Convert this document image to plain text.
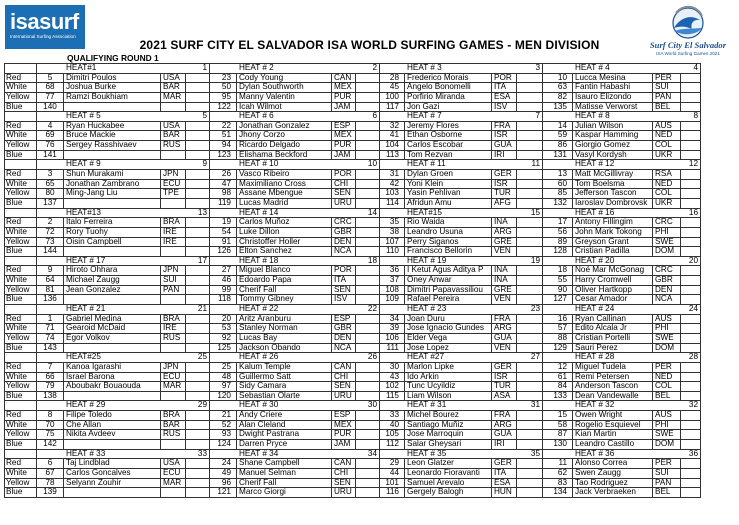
isasurf
International Surfing Association
Surf City El Salvador
ISA World Surfing Games 2021
2021 SURF CITY EL SALVADOR ISA WORLD SURFING GAMES - MEN DIVISION
QUALIFYING ROUND 1
HEAT#1	1
Red	5	Dimitri Poulos	USA
White	68	Joshua Burke	BAR
Yellow	77	Ramzi Boukhiam	MAR
Blue	140
HEAT # 2	2
23 Cody Young	CAN
50 Dylan Southworth	MEX
95 Manny Valentin	PUR
122 Icah Wilmot	JAM
HEAT # 3	3
28 Frederico Morais	POR
45 Angelo Bonomelli	ITA
100 Porfirio Miranda	ESA
117 Jon Gazi	ISV
HEAT # 4	4
10 Lucca Mesina	PER
63 Fantin Habashi	SUI
82 Isauro Elizondo	PAN
135 Matisse Verworst	BEL
HEAT # 5	5
Red	4	Ryan Huckabee	USA
White	69	Bruce Mackie	BAR
Yellow	76	Sergey Rasshivaev	RUS
Blue	141
HEAT # 6	6
22 Jonathan Gonzalez	ESP
51 Jhony Corzo	MEX
94 Ricardo Delgado	PUR
123 Elishama Beckford	JAM
HEAT # 7	7
32 Jeremy Flores	FRA
41 Ethan Osborne	ISR
104 Carlos Escobar	GUA
113 Tom Rezvan	IRI
HEAT # 8	8
14 Julian Wilson	AUS
59 Kaspar Hamming	NED
86 Giorgio Gomez	COL
131 Vasyl Kordysh	UKR
HEAT # 9	9
Red	3	Shun Murakami	JPN
White	65	Jonathan Zambrano	ECU
Yellow	80	Ming-Jang Liu	TPE
Blue	137
HEAT # 10	10
26 Vasco Ribeiro	POR
47 Maximiliano Cross	CHI
98 Assane Mbengue	SEN
119 Lucas Madrid	URU
HEAT # 11	11
31 Dylan Groen	GER
42 Yoni Klein	ISR
103 Yasin Pehlivan	TUR
114 Afridun Amu	AFG
HEAT # 12	12
13 Matt McGillivray	RSA
60 Tom Boelsma	NED
85 Jefferson Tascon	COL
132 Iaroslav Dombrovsk UKR
HEAT#13	13
Red	2	Italo Ferreira	BRA
White	72	Rory Tuohy	IRE
Yellow	73	Oisin Campbell	IRE
Blue	144
HEAT # 14	14
19 Carlos Muñoz	CRC
54 Luke Dillon	GBR
91 Christoffer Holler	DEN
126 Elton Sanchez	NCA
HEAT#15	15
35 Rio Waida	INA
38 Leandro Usuna	ARG
107 Perry Siganos	GRE
110 Francisco Bellorin	VEN
HEAT # 16	16
17 Antony Fillingim	CRC
56 John Mark Tokong	PHI
89 Greyson Grant	SWE
128 Cristian Padilla	DOM
HEAT # 17	17
Red	9	Hiroto Ohhara	JPN
White	64	Michael Zaugg	SUI
Yellow	81	Jean Gonzalez	PAN
Blue	136
HEAT # 18	18
27 Miguel Blanco	POR
46 Edoardo Papa	ITA
99 Cherif Fall	SEN
118 Tommy Gibney	ISV
HEAT # 19	19
36 I Ketut Agus Aditya P	INA
37 Oney Anwar	INA
108 Dimitri Papavassiliou	GRE
109 Rafael Pereira	VEN
HEAT # 20	20
18 Noé Mar McGonag	CRC
55 Harry Cromwell	GBR
90 Oliver Hartkopp	DEN
127 Cesar Amador	NCA
HEAT # 21	21
Red	1	Gabriel Medina	BRA
White	71	Gearoid McDaid	IRE
Yellow	74	Egor Volkov	RUS
Blue	143
HEAT # 22	22
20 Aritz Aranburu	ESP
53 Stanley Norman	GBR
92 Lucas Bay	DEN
125 Jackson Obando	NCA
HEAT # 23	23
34 Joan Duru	FRA
39 Jose Ignacio Gundes	ARG
106 Elder Vega	GUA
111 Jose Lopez	VEN
HEAT # 24	24
16 Ryan Callinan	AUS
57 Edito Alcala Jr	PHI
88 Cristian Portelli	SWE
129 Sauri Perez	DOM
HEAT#25	25
Red	7	Kanoa Igarashi	JPN
White	66	Israel Barona	ECU
Yellow	79	Aboubakr Bouaouda	MAR
Blue	138
HEAT # 26	26
25 Kalum Temple	CAN
48 Guillermo Satt	CHI
97 Sidy Camara	SEN
120 Sebastian Olarte	URU
HEAT #27	27
30 Marlon Lipke	GER
43 Ido Arkin	ISR
102 Tunc Ucyildiz	TUR
115 Liam Wilson	ASA
HEAT # 28	28
12 Miguel Tudela	PER
61 Remi Petersen	NED
84 Anderson Tascon	COL
133 Dean Vandewalle	BEL
HEAT # 29	29
Red	8	Filipe Toledo	BRA
White	70	Che Allan	BAR
Yellow	75	Nikita Avdeev	RUS
Blue	142
HEAT # 30	30
21 Andy Criere	ESP
52 Alan Cleland	MEX
93 Dwight Pastrana	PUR
124 Darren Pryce	JAM
HEAT # 31	31
33 Michel Bourez	FRA
40 Santiago Muñiz	ARG
105 Jose Marroquin	GUA
112 Salar Gheysari	IRI
HEAT # 32	32
15 Owen Wright	AUS
58 Rogelio Esquievel	PHI
87 Kian Martin	SWE
130 Leandro Castillo	DOM
HEAT # 33	33
Red	6	Taj Lindblad	USA
White	67	Carlos Goncalves	ECU
Yellow	78	Selyann Zouhir	MAR
Blue	139
HEAT # 34	34
24 Shane Campbell	CAN
49 Manuel Selman	CHI
96 Cherif Fall	SEN
121 Marco Giorgi	URU
HEAT # 35	35
29 Leon Glatzer	GER
44 Leonardo Fioravanti	ITA
101 Samuel Arevalo	ESA
116 Gergely Balogh	HUN
HEAT # 36	36
11 Alonso Correa	PER
62 Swen Zaugg	SUI
83 Tao Rodriguez	PAN
134 Jack Verbraeken	BEL
